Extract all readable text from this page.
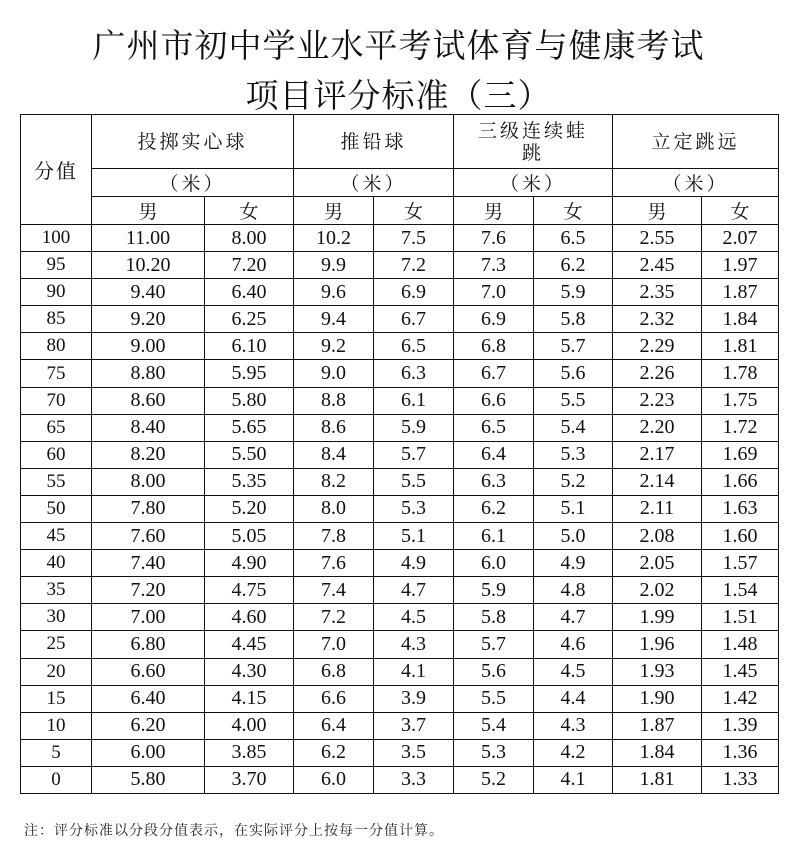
广州市初中学业水平考试体育与健康考试
项目评分标准（三）
分值	投掷实心球		推铅球		三级连续蛙跳		立定跳远	
	（米）		（米）		（米）		（米）	
	男	女	男	女	男	女	男	女
100	11.00	8.00	10.2	7.5	7.6	6.5	2.55	2.07
95	10.20	7.20	9.9	7.2	7.3	6.2	2.45	1.97
90	9.40	6.40	9.6	6.9	7.0	5.9	2.35	1.87
85	9.20	6.25	9.4	6.7	6.9	5.8	2.32	1.84
80	9.00	6.10	9.2	6.5	6.8	5.7	2.29	1.81
75	8.80	5.95	9.0	6.3	6.7	5.6	2.26	1.78
70	8.60	5.80	8.8	6.1	6.6	5.5	2.23	1.75
65	8.40	5.65	8.6	5.9	6.5	5.4	2.20	1.72
60	8.20	5.50	8.4	5.7	6.4	5.3	2.17	1.69
55	8.00	5.35	8.2	5.5	6.3	5.2	2.14	1.66
50	7.80	5.20	8.0	5.3	6.2	5.1	2.11	1.63
45	7.60	5.05	7.8	5.1	6.1	5.0	2.08	1.60
40	7.40	4.90	7.6	4.9	6.0	4.9	2.05	1.57
35	7.20	4.75	7.4	4.7	5.9	4.8	2.02	1.54
30	7.00	4.60	7.2	4.5	5.8	4.7	1.99	1.51
25	6.80	4.45	7.0	4.3	5.7	4.6	1.96	1.48
20	6.60	4.30	6.8	4.1	5.6	4.5	1.93	1.45
15	6.40	4.15	6.6	3.9	5.5	4.4	1.90	1.42
10	6.20	4.00	6.4	3.7	5.4	4.3	1.87	1.39
5	6.00	3.85	6.2	3.5	5.3	4.2	1.84	1.36
0	5.80	3.70	6.0	3.3	5.2	4.1	1.81	1.33
注：评分标准以分段分值表示，在实际评分上按每一分值计算。
